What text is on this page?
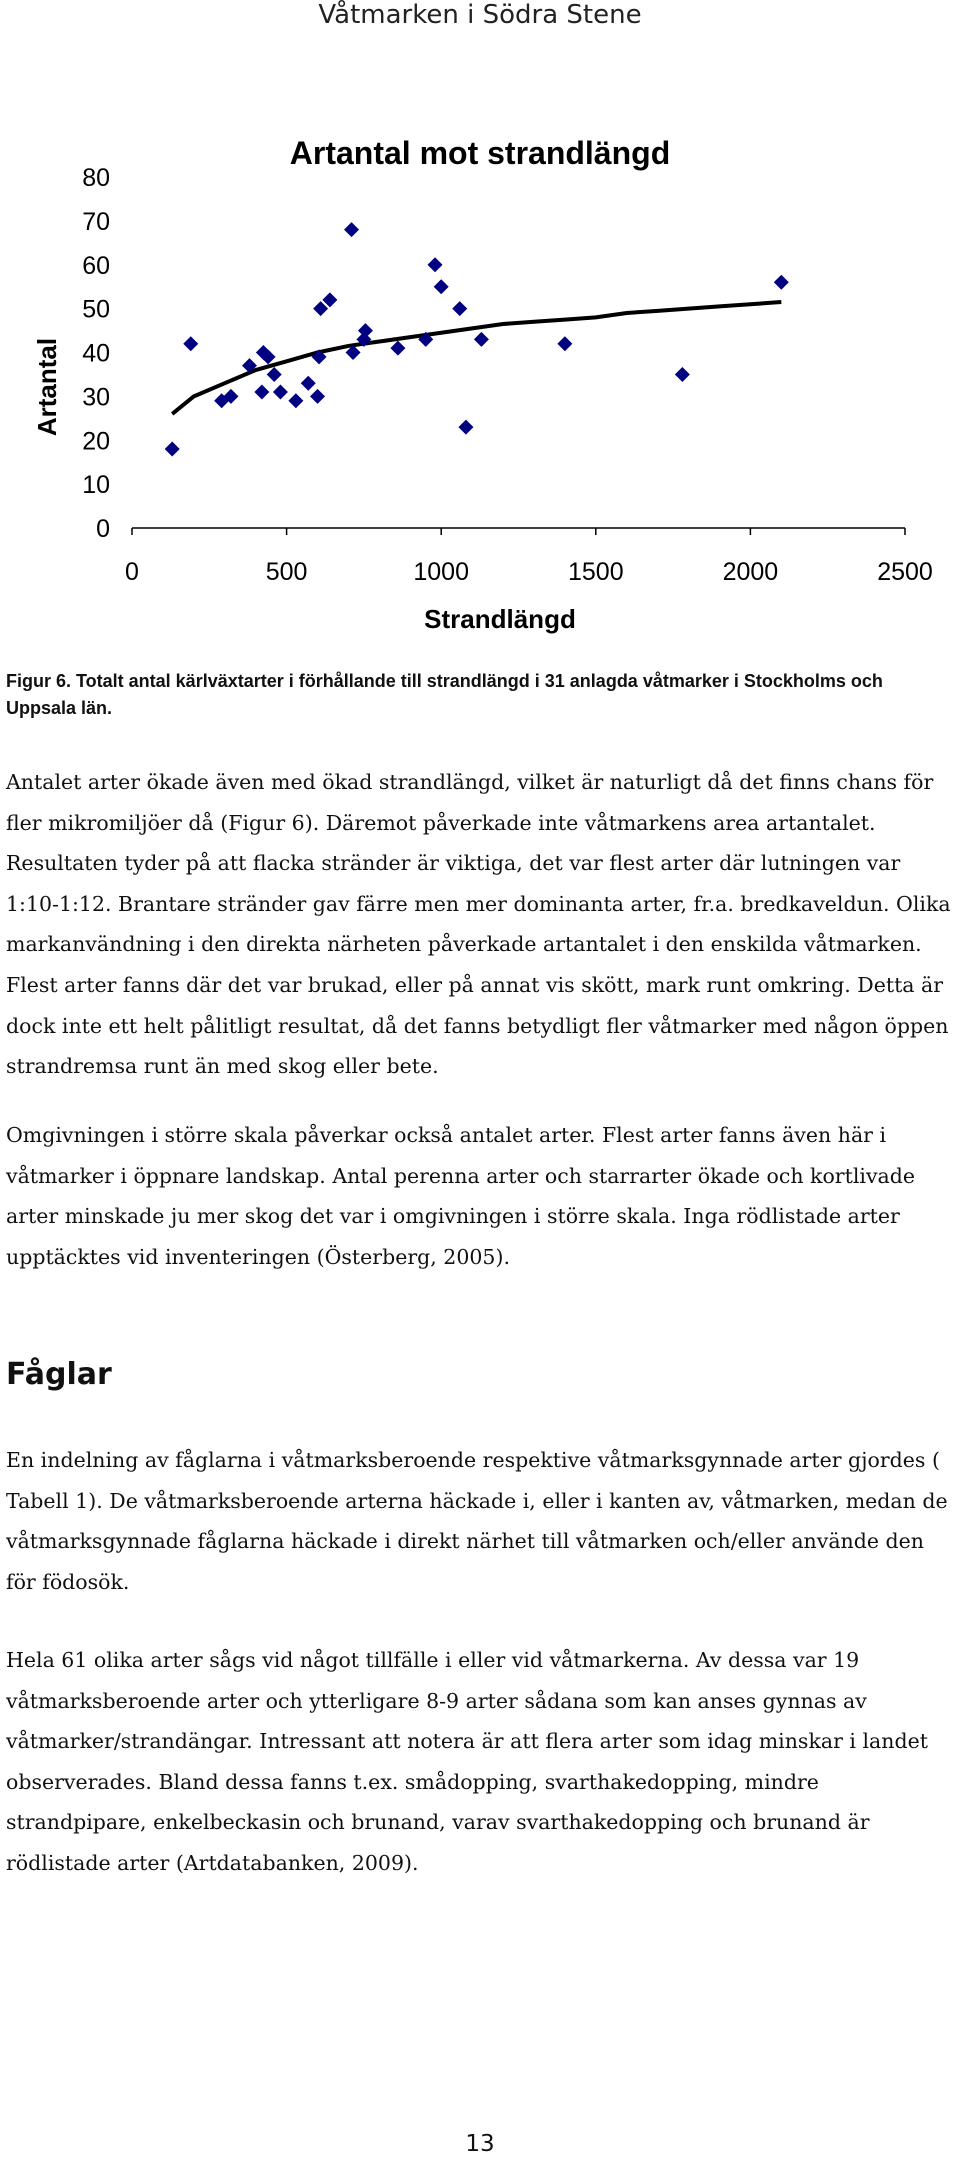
Våtmarken i Södra Stene
Artantal mot strandlängd
Artantal
Strandlängd
0	500	1000	1500	2000	2500
0
10
20
30
40
50
60
70
80
Figur 6. Totalt antal kärlväxtarter i förhållande till strandlängd i 31 anlagda våtmarker i Stockholms och Uppsala län.

Antalet arter ökade även med ökad strandlängd, vilket är naturligt då det finns chans för fler mikromiljöer då (Figur 6). Däremot påverkade inte våtmarkens area artantalet. Resultaten tyder på att flacka stränder är viktiga, det var flest arter där lutningen var 1:10-1:12. Brantare stränder gav färre men mer dominanta arter, fr.a. bredkaveldun. Olika markanvändning i den direkta närheten påverkade artantalet i den enskilda våtmarken. Flest arter fanns där det var brukad, eller på annat vis skött, mark runt omkring. Detta är dock inte ett helt pålitligt resultat, då det fanns betydligt fler våtmarker med någon öppen strandremsa runt än med skog eller bete.

Omgivningen i större skala påverkar också antalet arter. Flest arter fanns även här i våtmarker i öppnare landskap. Antal perenna arter och starrarter ökade och kortlivade arter minskade ju mer skog det var i omgivningen i större skala. Inga rödlistade arter upptäcktes vid inventeringen (Österberg, 2005).

Fåglar

En indelning av fåglarna i våtmarksberoende respektive våtmarksgynnade arter gjordes ( Tabell 1). De våtmarksberoende arterna häckade i, eller i kanten av, våtmarken, medan de våtmarksgynnade fåglarna häckade i direkt närhet till våtmarken och/eller använde den för födosök.

Hela 61 olika arter sågs vid något tillfälle i eller vid våtmarkerna. Av dessa var 19 våtmarksberoende arter och ytterligare 8-9 arter sådana som kan anses gynnas av våtmarker/strandängar. Intressant att notera är att flera arter som idag minskar i landet observerades. Bland dessa fanns t.ex. smådopping, svarthakedopping, mindre strandpipare, enkelbeckasin och brunand, varav svarthakedopping och brunand är rödlistade arter (Artdatabanken, 2009).

13
